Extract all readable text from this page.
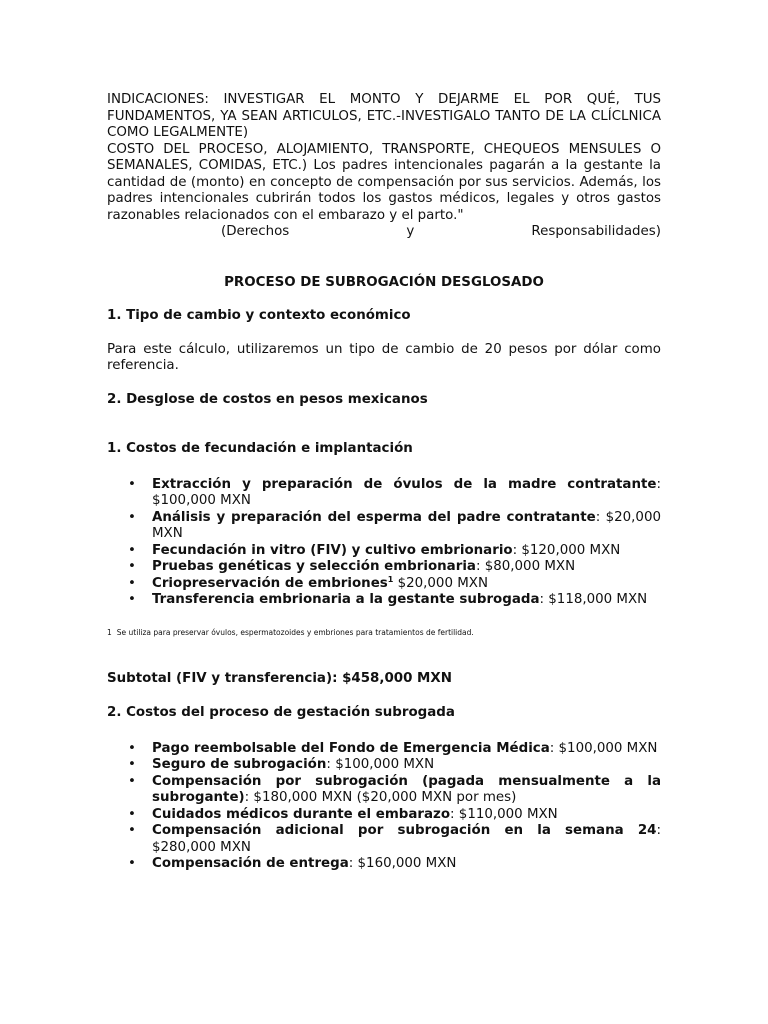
INDICACIONES: INVESTIGAR EL MONTO Y DEJARME EL POR QUÉ, TUS FUNDAMENTOS, YA SEAN ARTICULOS, ETC.-INVESTIGALO TANTO DE LA CLÍCLNICA COMO LEGALMENTE)

COSTO DEL PROCESO, ALOJAMIENTO, TRANSPORTE, CHEQUEOS MENSULES O SEMANALES, COMIDAS, ETC.) Los padres intencionales pagarán a la gestante la cantidad de (monto) en concepto de compensación por sus servicios. Además, los padres intencionales cubrirán todos los gastos médicos, legales y otros gastos razonables relacionados con el embarazo y el parto."

(Derechos	y	Responsabilidades)

PROCESO DE SUBROGACIÓN DESGLOSADO

1. Tipo de cambio y contexto económico

Para este cálculo, utilizaremos un tipo de cambio de 20 pesos por dólar como referencia.

2. Desglose de costos en pesos mexicanos

1. Costos de fecundación e implantación

• Extracción y preparación de óvulos de la madre contratante: $100,000 MXN
• Análisis y preparación del esperma del padre contratante: $20,000 MXN
• Fecundación in vitro (FIV) y cultivo embrionario: $120,000 MXN
• Pruebas genéticas y selección embrionaria: $80,000 MXN
• Criopreservación de embriones$^1$ $20,000 MXN
• Transferencia embrionaria a la gestante subrogada: $118,000 MXN

1 Se utiliza para preservar óvulos, espermatozoides y embriones para tratamientos de fertilidad.

Subtotal (FIV y transferencia): $458,000 MXN

2. Costos del proceso de gestación subrogada

• Pago reembolsable del Fondo de Emergencia Médica: $100,000 MXN
• Seguro de subrogación: $100,000 MXN
• Compensación por subrogación (pagada mensualmente a la subrogante): $180,000 MXN ($20,000 MXN por mes)
• Cuidados médicos durante el embarazo: $110,000 MXN
• Compensación adicional por subrogación en la semana 24: $280,000 MXN
• Compensación de entrega: $160,000 MXN
